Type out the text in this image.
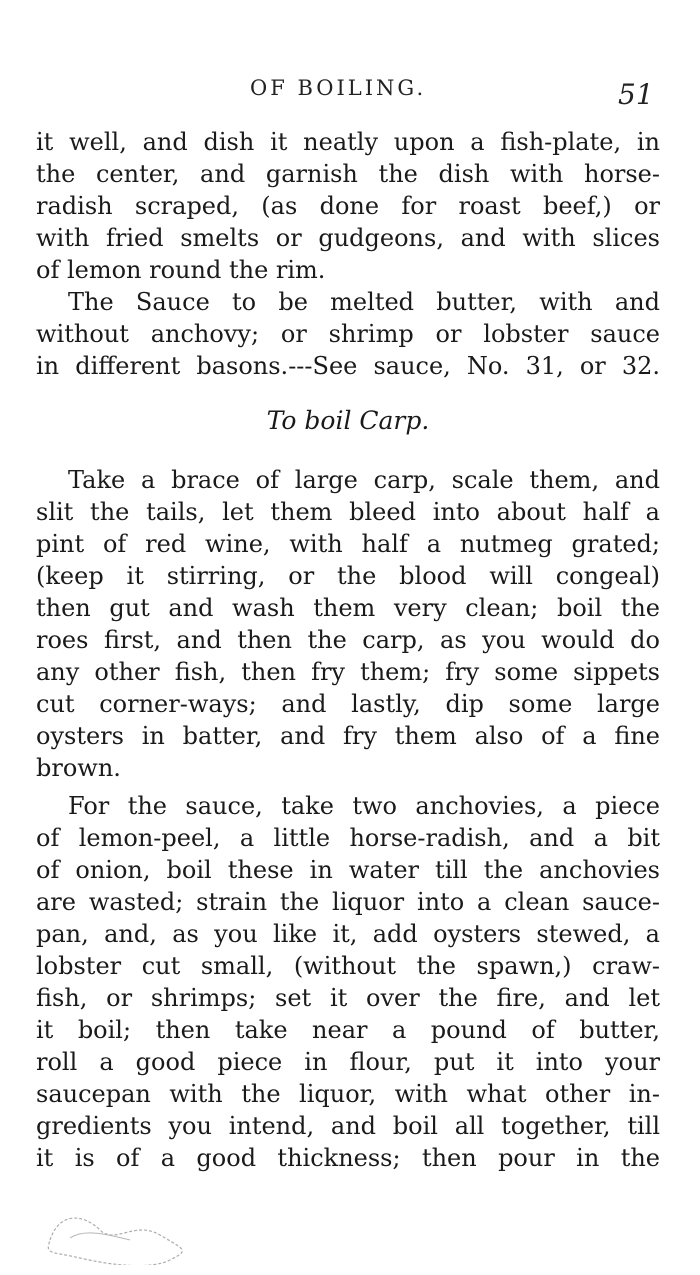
OF BOILING.	51
it well, and dish it neatly upon a fish-plate, in
the center, and garnish the dish with horse-
radish scraped, (as done for roast beef,) or
with fried smelts or gudgeons, and with slices
of lemon round the rim.
The Sauce to be melted butter, with and
without anchovy; or shrimp or lobster sauce
in different basons.---See sauce, No. 31, or 32.
To boil Carp.
Take a brace of large carp, scale them, and
slit the tails, let them bleed into about half a
pint of red wine, with half a nutmeg grated;
(keep it stirring, or the blood will congeal)
then gut and wash them very clean; boil the
roes first, and then the carp, as you would do
any other fish, then fry them; fry some sippets
cut corner-ways; and lastly, dip some large
oysters in batter, and fry them also of a fine
brown.
For the sauce, take two anchovies, a piece
of lemon-peel, a little horse-radish, and a bit
of onion, boil these in water till the anchovies
are wasted; strain the liquor into a clean sauce-
pan, and, as you like it, add oysters stewed, a
lobster cut small, (without the spawn,) craw-
fish, or shrimps; set it over the fire, and let
it boil; then take near a pound of butter,
roll a good piece in flour, put it into your
saucepan with the liquor, with what other in-
gredients you intend, and boil all together, till
it is of a good thickness; then pour in the
